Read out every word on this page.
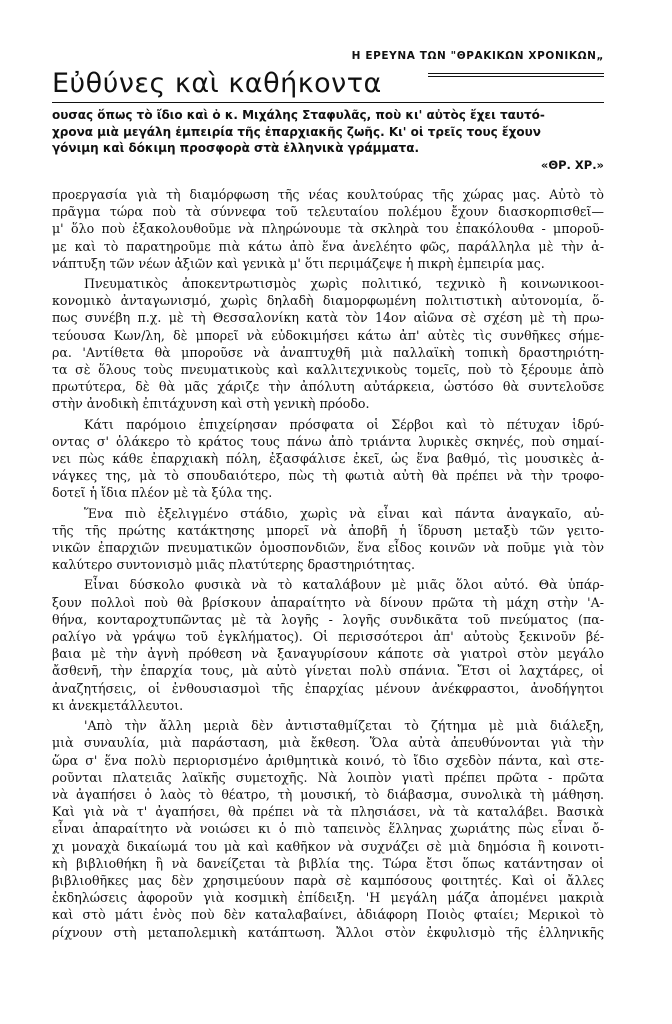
Η ΕΡΕΥΝΑ ΤΩΝ "ΘΡΑΚΙΚΩΝ ΧΡΟΝΙΚΩΝ„
Εὐθύνες καὶ καθήκοντα
ουσας ὅπως τὸ ἴδιο καὶ ὁ κ. Μιχάλης Σταφυλᾶς, ποὺ κι' αὐτὸς ἔχει ταυτό-
χρονα μιὰ μεγάλη ἐμπειρία τῆς ἐπαρχιακῆς ζωῆς. Κι' οἱ τρεῖς τους ἔχουν
γόνιμη καὶ δόκιμη προσφορὰ στὰ ἑλληνικὰ γράμματα.
«ΘΡ. ΧΡ.»
προεργασία γιὰ τὴ διαμόρφωση τῆς νέας κουλτούρας τῆς χώρας μας. Αὐτὸ τὸ
πρᾶγμα τώρα ποὺ τὰ σύννεφα τοῦ τελευταίου πολέμου ἔχουν διασκορπισθεῖ—
μ' ὅλο ποὺ ἐξακολουθοῦμε νὰ πληρώνουμε τὰ σκληρὰ του ἐπακόλουθα - μποροῦ-
με καὶ τὸ παρατηροῦμε πιὰ κάτω ἀπὸ ἕνα ἀνελέητο φῶς, παράλληλα μὲ τὴν ἀ-
νάπτυξη τῶν νέων ἀξιῶν καὶ γενικὰ μ' ὅτι περιμάζεψε ἡ πικρὴ ἐμπειρία μας.
Πνευματικὸς ἀποκεντρωτισμὸς χωρὶς πολιτικό, τεχνικὸ ἢ κοινωνικοοι-
κονομικὸ ἀνταγωνισμό, χωρὶς δηλαδὴ διαμορφωμένη πολιτιστικὴ αὐτονομία, ὅ-
πως συνέβη π.χ. μὲ τὴ Θεσσαλονίκη κατὰ τὸν 14ον αἰῶνα σὲ σχέση μὲ τὴ πρω-
τεύουσα Κων/λη, δὲ μπορεῖ νὰ εὐδοκιμήσει κάτω ἀπ' αὐτὲς τὶς συνθῆκες σήμε-
ρα. 'Αντίθετα θὰ μποροῦσε νὰ ἀναπτυχθῆ μιὰ παλλαϊκὴ τοπικὴ δραστηριότη-
τα σὲ ὅλους τοὺς πνευματικοὺς καὶ καλλιτεχνικοὺς τομεῖς, ποὺ τὸ ξέρουμε ἀπὸ
πρωτύτερα, δὲ θὰ μᾶς χάριζε τὴν ἀπόλυτη αὐτάρκεια, ὡστόσο θὰ συντελοῦσε
στὴν ἀνοδικὴ ἐπιτάχυνση καὶ στὴ γενικὴ πρόοδο.
Κάτι παρόμοιο ἐπιχείρησαν πρόσφατα οἱ Σέρβοι καὶ τὸ πέτυχαν ἱδρύ-
οντας σ' ὁλάκερο τὸ κράτος τους πάνω ἀπὸ τριάντα λυρικὲς σκηνές, ποὺ σημαί-
νει πὼς κάθε ἐπαρχιακὴ πόλη, ἐξασφάλισε ἐκεῖ, ὡς ἕνα βαθμό, τὶς μουσικὲς ἀ-
νάγκες της, μὰ τὸ σπουδαιότερο, πὼς τὴ φωτιὰ αὐτὴ θὰ πρέπει νὰ τὴν τροφο-
δοτεῖ ἡ ἴδια πλέον μὲ τὰ ξύλα της.
Ἕνα πιὸ ἐξελιγμένο στάδιο, χωρὶς νὰ εἶναι καὶ πάντα ἀναγκαῖο, αὐ-
τῆς τῆς πρώτης κατάκτησης μπορεῖ νὰ ἀποβῆ ἡ ἵδρυση μεταξὺ τῶν γειτο-
νικῶν ἐπαρχιῶν πνευματικῶν ὁμοσπονδιῶν, ἕνα εἶδος κοινῶν νὰ ποῦμε γιὰ τὸν
καλύτερο συντονισμὸ μιᾶς πλατύτερης δραστηριότητας.
Εἶναι δύσκολο φυσικὰ νὰ τὸ καταλάβουν μὲ μιᾶς ὅλοι αὐτό. Θὰ ὑπάρ-
ξουν πολλοὶ ποὺ θὰ βρίσκουν ἀπαραίτητο νὰ δίνουν πρῶτα τὴ μάχη στὴν 'Α-
θήνα, κονταροχτυπῶντας μὲ τὰ λογῆς - λογῆς συνδικᾶτα τοῦ πνεύματος (πα-
ραλίγο νὰ γράψω τοῦ ἐγκλήματος). Οἱ περισσότεροι ἀπ' αὐτοὺς ξεκινοῦν βέ-
βαια μὲ τὴν ἀγνὴ πρόθεση νὰ ξαναγυρίσουν κάποτε σὰ γιατροὶ στὸν μεγάλο
ἄσθενῆ, τὴν ἐπαρχία τους, μὰ αὐτὸ γίνεται πολὺ σπάνια. Ἔτσι οἱ λαχτάρες, οἱ
ἀναζητήσεις, οἱ ἐνθουσιασμοὶ τῆς ἐπαρχίας μένουν ἀνέκφραστοι, ἀνοδήγητοι
κι ἀνεκμετάλλευτοι.
'Απὸ τὴν ἄλλη μεριὰ δὲν ἀντισταθμίζεται τὸ ζήτημα μὲ μιὰ διάλεξη,
μιὰ συναυλία, μιὰ παράσταση, μιὰ ἔκθεση. Ὅλα αὐτὰ ἀπευθύνονται γιὰ τὴν
ὥρα σ' ἕνα πολὺ περιορισμένο ἀριθμητικὰ κοινό, τὸ ἴδιο σχεδὸν πάντα, καὶ στε-
ροῦνται πλατειᾶς λαϊκῆς συμετοχῆς. Νὰ λοιπὸν γιατὶ πρέπει πρῶτα - πρῶτα
νὰ ἀγαπήσει ὁ λαὸς τὸ θέατρο, τὴ μουσική, τὸ διάβασμα, συνολικὰ τὴ μάθηση.
Καὶ γιὰ νὰ τ' ἀγαπήσει, θὰ πρέπει νὰ τὰ πλησιάσει, νὰ τὰ καταλάβει. Βασικὰ
εἶναι ἀπαραίτητο νὰ νοιώσει κι ὁ πιὸ ταπεινὸς ἕλληνας χωριάτης πὼς εἶναι ὄ-
χι μοναχὰ δικαίωμά του μὰ καὶ καθῆκον νὰ συχνάζει σὲ μιὰ δημόσια ἢ κοινοτι-
κὴ βιβλιοθήκη ἢ νὰ δανείζεται τὰ βιβλία της. Τώρα ἔτσι ὅπως κατάντησαν οἱ
βιβλιοθῆκες μας δὲν χρησιμεύουν παρὰ σὲ καμπόσους φοιτητές. Καὶ οἱ ἄλλες
ἐκδηλώσεις ἀφοροῦν γιὰ κοσμικὴ ἐπίδειξη. 'Η μεγάλη μάζα ἀπομένει μακριὰ
καὶ στὸ μάτι ἑνὸς ποὺ δὲν καταλαβαίνει, ἀδιάφορη Ποιὸς φταίει; Μερικοὶ τὸ
ρίχνουν στὴ μεταπολεμικὴ κατάπτωση. Ἄλλοι στὸν ἐκφυλισμὸ τῆς ἑλληνικῆς
